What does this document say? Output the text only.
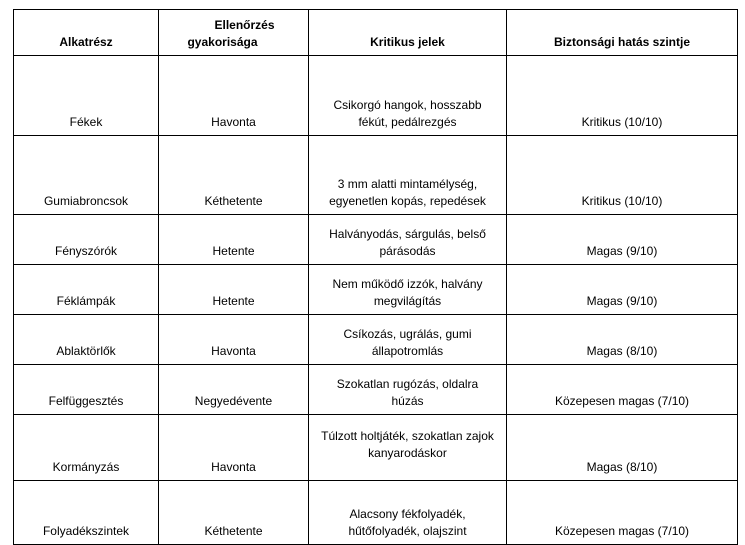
Alkatrész	Ellenőrzés gyakorisága	Kritikus jelek	Biztonsági hatás szintje
Fékek	Havonta	Csikorgó hangok, hosszabb fékút, pedálrezgés	Kritikus (10/10)
Gumiabroncsok	Kéthetente	3 mm alatti mintamélység, egyenetlen kopás, repedések	Kritikus (10/10)
Fényszórók	Hetente	Halványodás, sárgulás, belső párásodás	Magas (9/10)
Féklámpák	Hetente	Nem működő izzók, halvány megvilágítás	Magas (9/10)
Ablaktörlők	Havonta	Csíkozás, ugrálás, gumi állapotromlás	Magas (8/10)
Felfüggesztés	Negyedévente	Szokatlan rugózás, oldalra húzás	Közepesen magas (7/10)
Kormányzás	Havonta	Túlzott holtjáték, szokatlan zajok kanyarodáskor	Magas (8/10)
Folyadékszintek	Kéthetente	Alacsony fékfolyadék, hűtőfolyadék, olajszint	Közepesen magas (7/10)
